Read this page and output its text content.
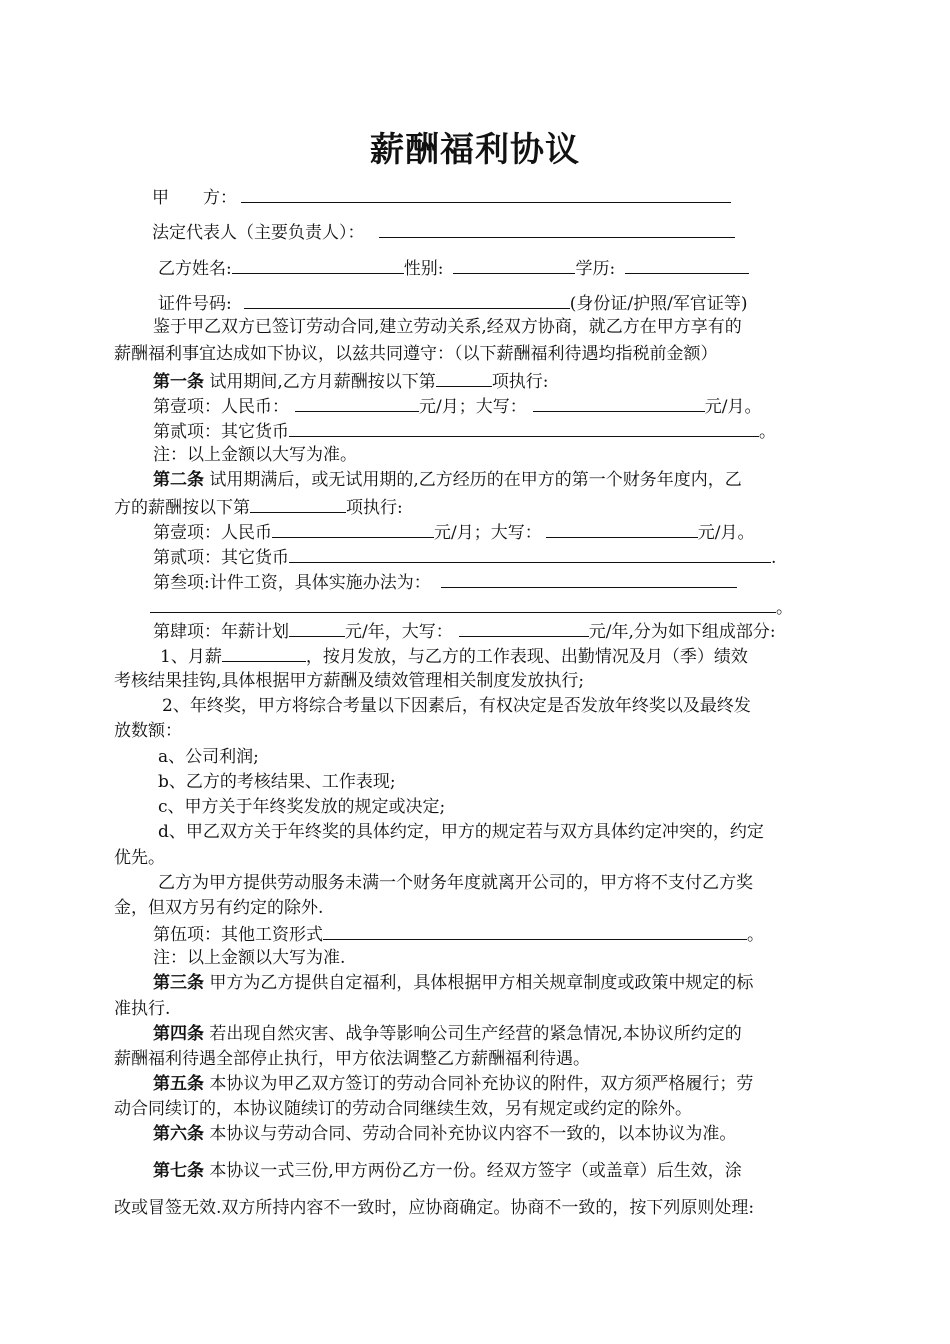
薪酬福利协议
甲　　方：
法定代表人（主要负责人）：
乙方姓名:	性别:	学历:
证件号码:	(身份证/护照/军官证等)
鉴于甲乙双方已签订劳动合同,建立劳动关系,经双方协商，就乙方在甲方享有的
薪酬福利事宜达成如下协议，以兹共同遵守：（以下薪酬福利待遇均指税前金额）
第一条 试用期间,乙方月薪酬按以下第	项执行:
第壹项：人民币：	元/月；大写：	元/月。
第贰项：其它货币	。
注：以上金额以大写为准。
第二条 试用期满后，或无试用期的,乙方经历的在甲方的第一个财务年度内，乙
方的薪酬按以下第	项执行:
第壹项：人民币	元/月；大写：	元/月。
第贰项：其它货币	.
第叁项:计件工资，具体实施办法为：
。
第肆项：年薪计划	元/年，大写：	元/年,分为如下组成部分:
1、月薪	，按月发放，与乙方的工作表现、出勤情况及月（季）绩效
考核结果挂钩,具体根据甲方薪酬及绩效管理相关制度发放执行;
2、年终奖，甲方将综合考量以下因素后，有权决定是否发放年终奖以及最终发
放数额：
a、公司利润;
b、乙方的考核结果、工作表现;
c、甲方关于年终奖发放的规定或决定;
d、甲乙双方关于年终奖的具体约定，甲方的规定若与双方具体约定冲突的，约定
优先。
乙方为甲方提供劳动服务未满一个财务年度就离开公司的，甲方将不支付乙方奖
金，但双方另有约定的除外.
第伍项：其他工资形式	。
注：以上金额以大写为准.
第三条 甲方为乙方提供自定福利，具体根据甲方相关规章制度或政策中规定的标
准执行.
第四条 若出现自然灾害、战争等影响公司生产经营的紧急情况,本协议所约定的
薪酬福利待遇全部停止执行，甲方依法调整乙方薪酬福利待遇。
第五条 本协议为甲乙双方签订的劳动合同补充协议的附件，双方须严格履行；劳
动合同续订的，本协议随续订的劳动合同继续生效，另有规定或约定的除外。
第六条 本协议与劳动合同、劳动合同补充协议内容不一致的，以本协议为准。
第七条 本协议一式三份,甲方两份乙方一份。经双方签字（或盖章）后生效，涂
改或冒签无效.双方所持内容不一致时，应协商确定。协商不一致的，按下列原则处理:
